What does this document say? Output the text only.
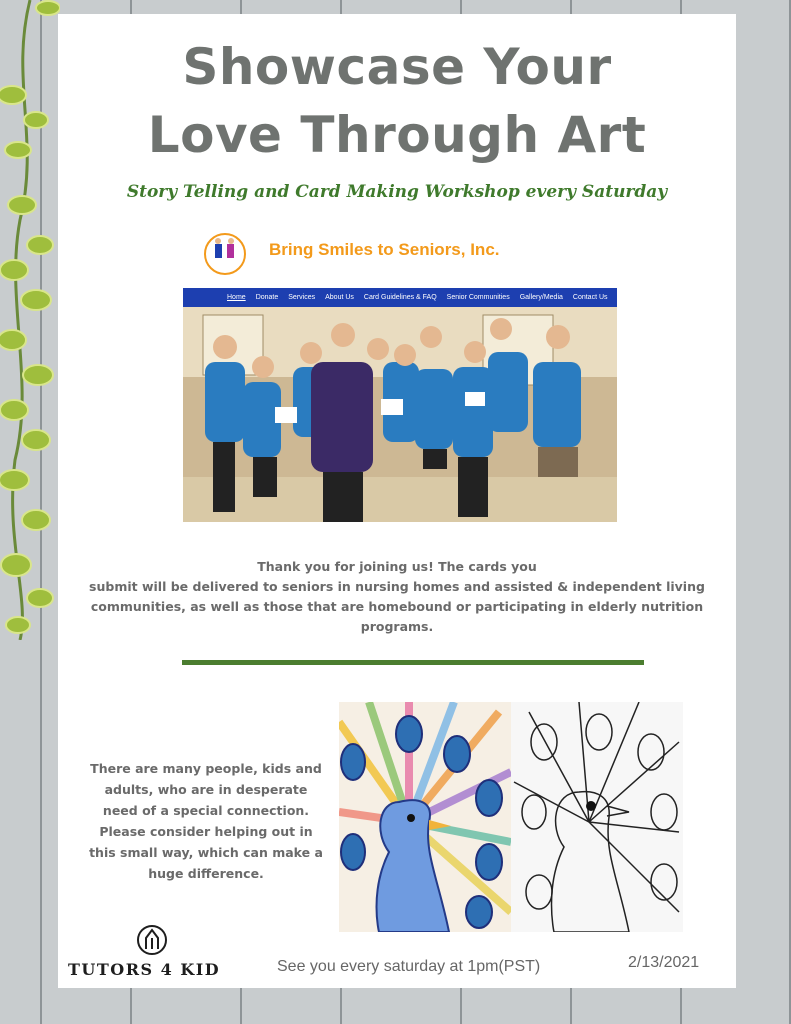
Showcase Your
Love Through Art
Story Telling and Card Making Workshop every Saturday
Bring Smiles to Seniors, Inc.
Home Donate Services About Us Card Guidelines & FAQ Senior Communities Gallery/Media Contact Us
Thank you for joining us! The cards you
submit will be delivered to seniors in nursing homes and assisted & independent living communities, as well as those that are homebound or participating in elderly nutrition programs.
There are many people, kids and adults, who are in desperate need of a special connection. Please consider helping out in this small way, which can make a huge difference.
TUTORS 4 KID	See you every saturday at 1pm(PST)	2/13/2021
